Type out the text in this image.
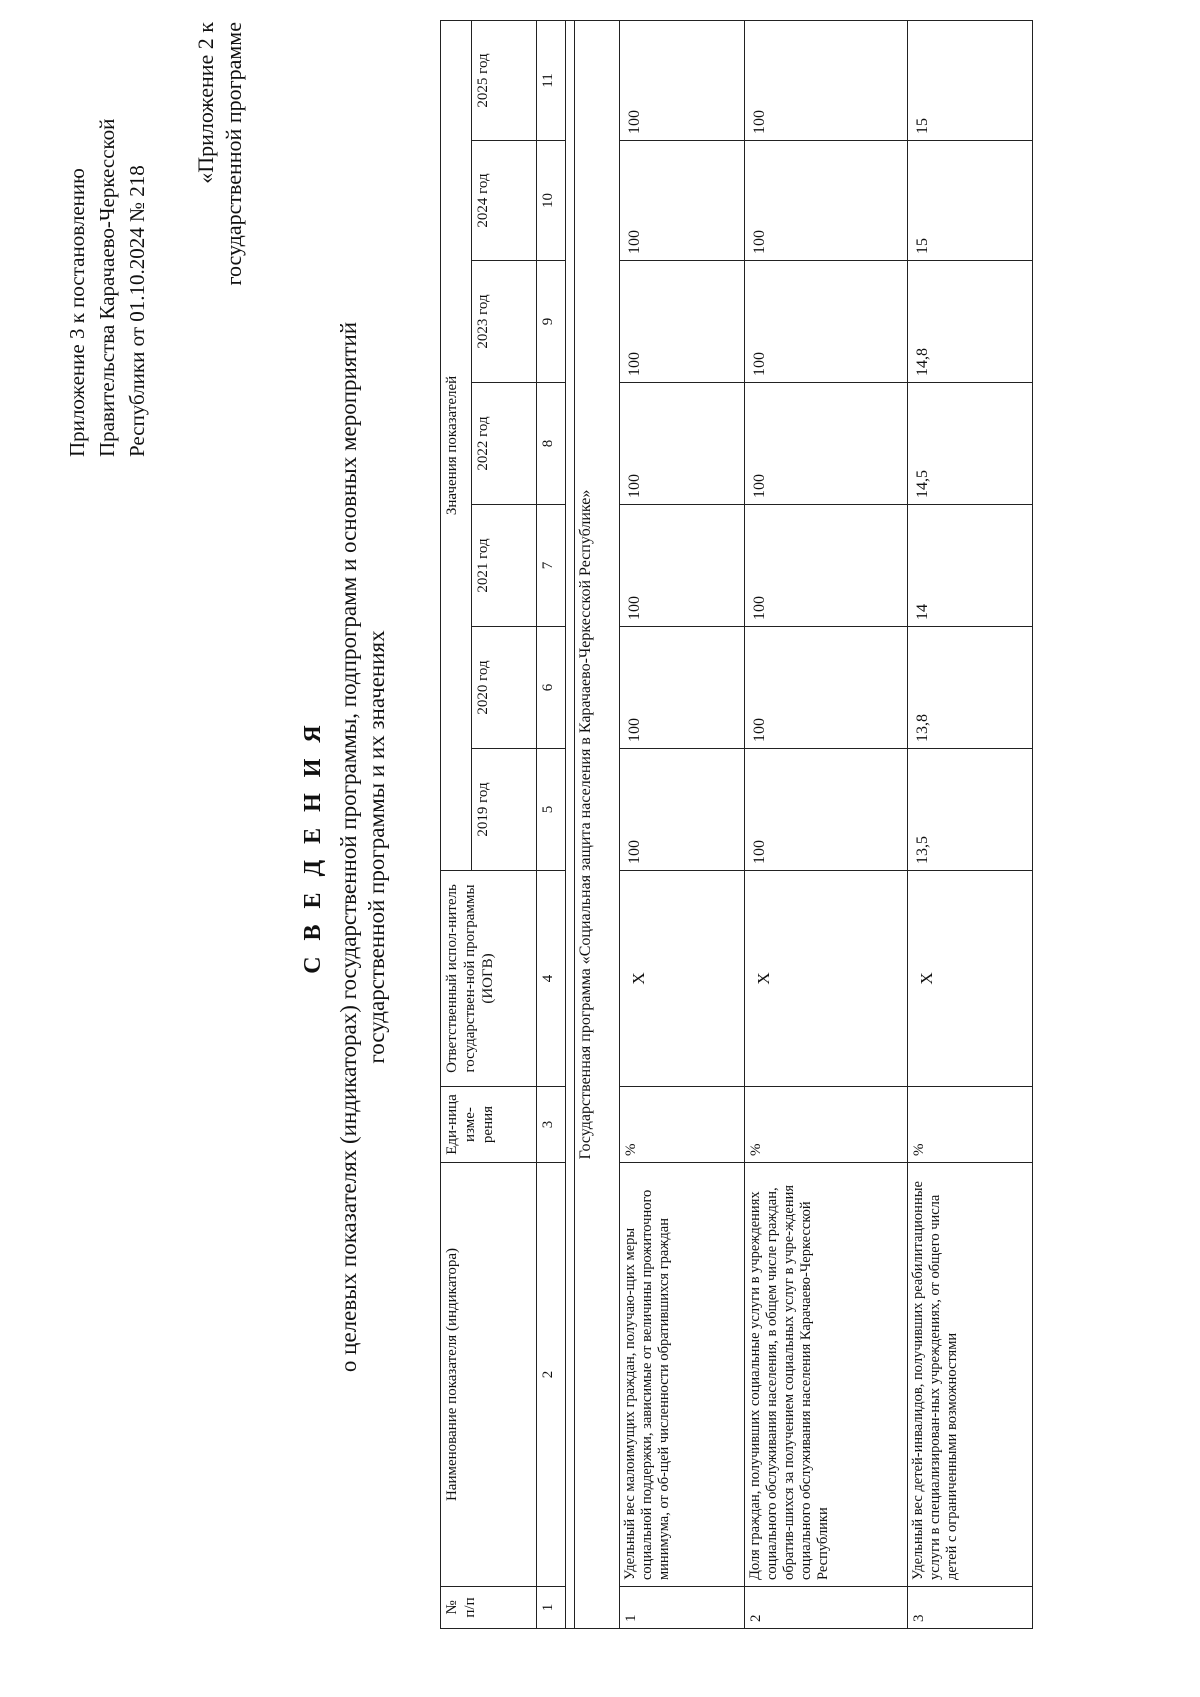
Приложение 3 к постановлению Правительства Карачаево-Черкесской Республики от 01.10.2024 № 218
«Приложение 2 к государственной программе
С В Е Д Е Н И Я о целевых показателях (индикаторах) государственной программы, подпрограмм и основных мероприятий государственной программы и их значениях
№ п/п	Наименование показателя (индикатора)	Еди-ница изме-рения	Ответственный испол-нитель государствен-ной программы (ИОГВ)	Значения показателей						
				2019 год	2020 год	2021 год	2022 год	2023 год	2024 год	2025 год
1	2	3	4	5	6	7	8	9	10	11

Государственная программа «Социальная защита населения в Карачаево-Черкесской Республике»										
1	Удельный вес малоимущих граждан, получаю-щих меры социальной поддержки, зависимые от величины прожиточного минимума, от об-щей численности обратившихся граждан	%	Х	100	100	100	100	100	100	100
2	Доля граждан, получивших социальные услуги в учреждениях социального обслуживания населения, в общем числе граждан, обратив-шихся за получением социальных услуг в учре-ждения социального обслуживания населения Карачаево-Черкесской Республики	%	Х	100	100	100	100	100	100	100
3	Удельный вес детей-инвалидов, получивших реабилитационные услуги в специализирован-ных учреждениях, от общего числа детей с ограниченными возможностями	%	Х	13,5	13,8	14	14,5	14,8	15	15
